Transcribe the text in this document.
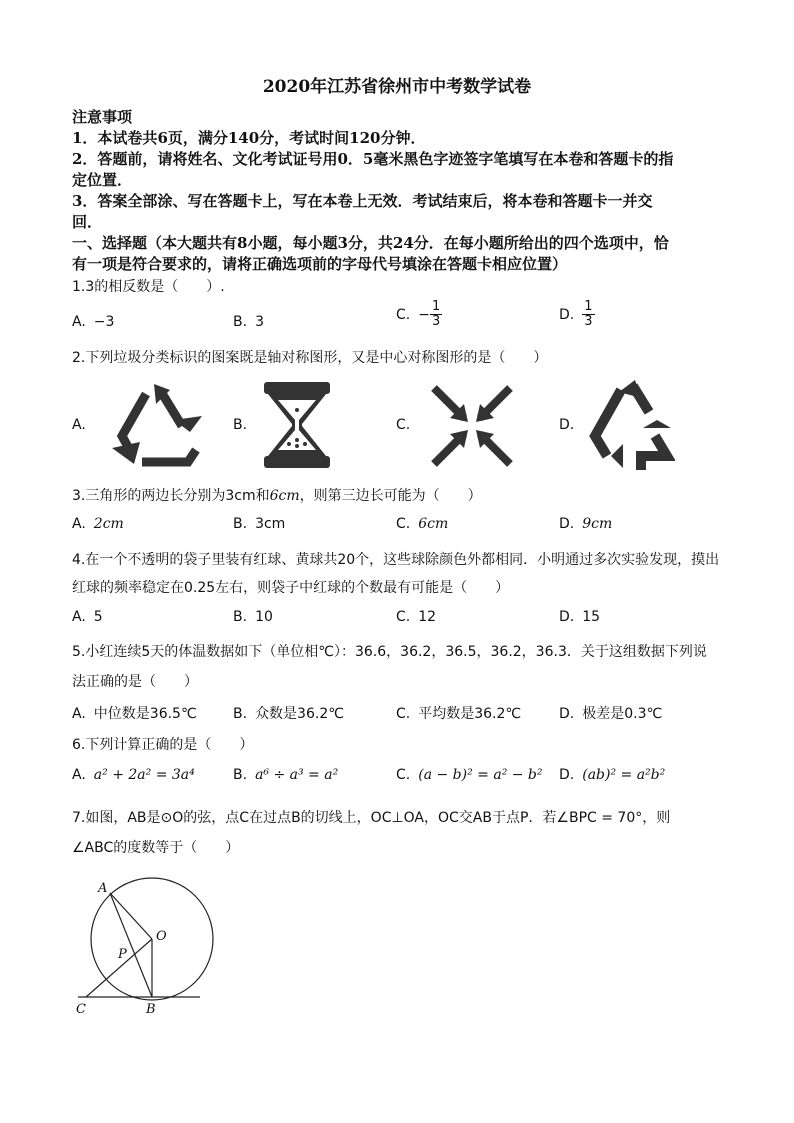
2020年江苏省徐州市中考数学试卷
注意事项
1．本试卷共6页，满分140分，考试时间120分钟．
2．答题前，请将姓名、文化考试证号用0．5毫米黑色字迹签字笔填写在本卷和答题卡的指
定位置．
3．答案全部涂、写在答题卡上，写在本卷上无效．考试结束后，将本卷和答题卡一并交
回．
一、选择题（本大题共有8小题，每小题3分，共24分．在每小题所给出的四个选项中，恰
有一项是符合要求的，请将正确选项前的字母代号填涂在答题卡相应位置）
1.3的相反数是（　　）.
A. −3	B. 3	C. − $\frac{1}{3}$	D. $\frac{1}{3}$
2.下列垃圾分类标识的图案既是轴对称图形，又是中心对称图形的是（　　）
A.	B.	C.	D.
3.三角形的两边长分别为3cm和6cm，则第三边长可能为（　　）
A. 2cm	B. 3cm	C. 6cm	D. 9cm
4.在一个不透明的袋子里装有红球、黄球共20个，这些球除颜色外都相同．小明通过多次实验发现，摸出
红球的频率稳定在0.25左右，则袋子中红球的个数最有可能是（　　）
A. 5	B. 10	C. 12	D. 15
5.小红连续5天的体温数据如下（单位相℃）：36.6，36.2，36.5，36.2，36.3．关于这组数据下列说
法正确的是（　　）
A. 中位数是36.5℃	B. 众数是36.2℃	C. 平均数是36.2℃	D. 极差是0.3℃
6.下列计算正确的是（　　）
A. a² + 2a² = 3a⁴	B. a⁶ ÷ a³ = a²	C. (a − b)² = a² − b² D. (ab)² = a²b²
7.如图，AB是⊙O的弦，点C在过点B的切线上，OC⊥OA，OC交AB于点P．若∠BPC = 70°，则
∠ABC的度数等于（　　）
A
O
P
C	B
